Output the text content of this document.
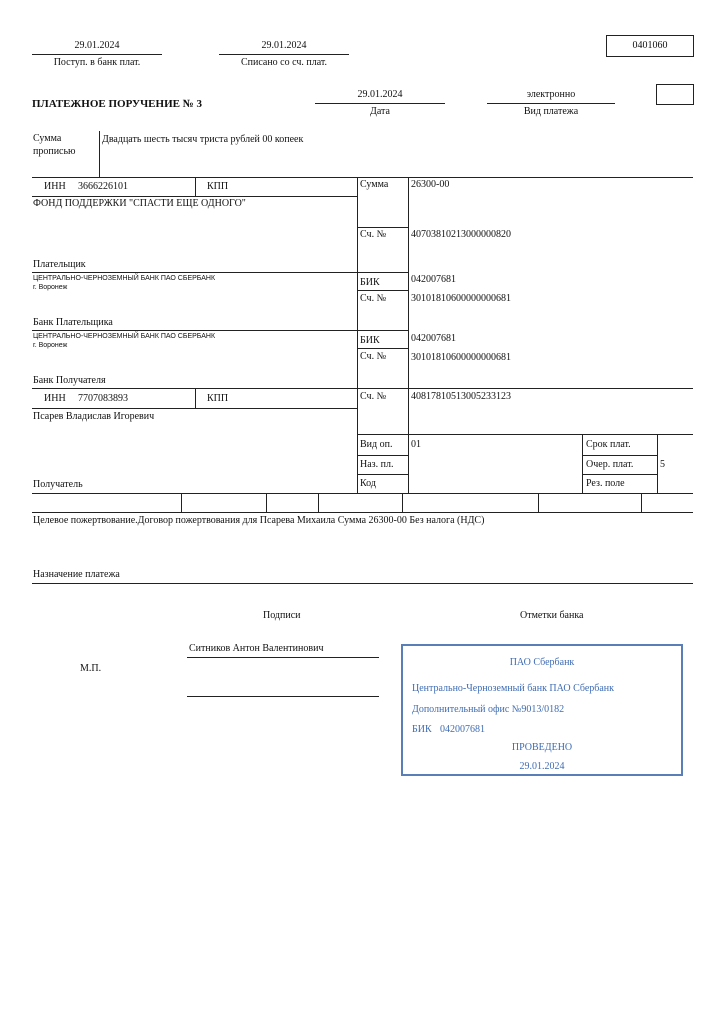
29.01.2024
Поступ. в банк плат.
29.01.2024
Списано со сч. плат.
0401060
ПЛАТЕЖНОЕ ПОРУЧЕНИЕ № 3
29.01.2024
Дата
электронно
Вид платежа
Сумма
прописью
Двадцать шесть тысяч триста рублей 00 копеек
ИНН 3666226101	КПП
ФОНД ПОДДЕРЖКИ "СПАСТИ ЕЩЕ ОДНОГО"
Плательщик
Сумма 26300-00
Сч. № 40703810213000000820
ЦЕНТРАЛЬНО-ЧЕРНОЗЕМНЫЙ БАНК ПАО СБЕРБАНК
г. Воронеж
Банк Плательщика
БИК	042007681
Сч. № 30101810600000000681
ЦЕНТРАЛЬНО-ЧЕРНОЗЕМНЫЙ БАНК ПАО СБЕРБАНК
г. Воронеж
Банк Получателя
БИК	042007681
Сч. № 30101810600000000681
ИНН 7707083893	КПП
Псарев Владислав Игоревич
Получатель
Сч. № 40817810513005233123
Вид оп. 01
Наз. пл.
Код
Срок плат.
Очер. плат.	5
Рез. поле
Целевое пожертвование.Договор пожертвования для Псарева Михаила Сумма 26300-00 Без налога (НДС)
Назначение платежа
Подписи	Отметки банка
Ситников Антон Валентинович
М.П.
ПАО Сбербанк
Центрально-Черноземный банк ПАО Сбербанк
Дополнительный офис №9013/0182
БИК 042007681
ПРОВЕДЕНО
29.01.2024
